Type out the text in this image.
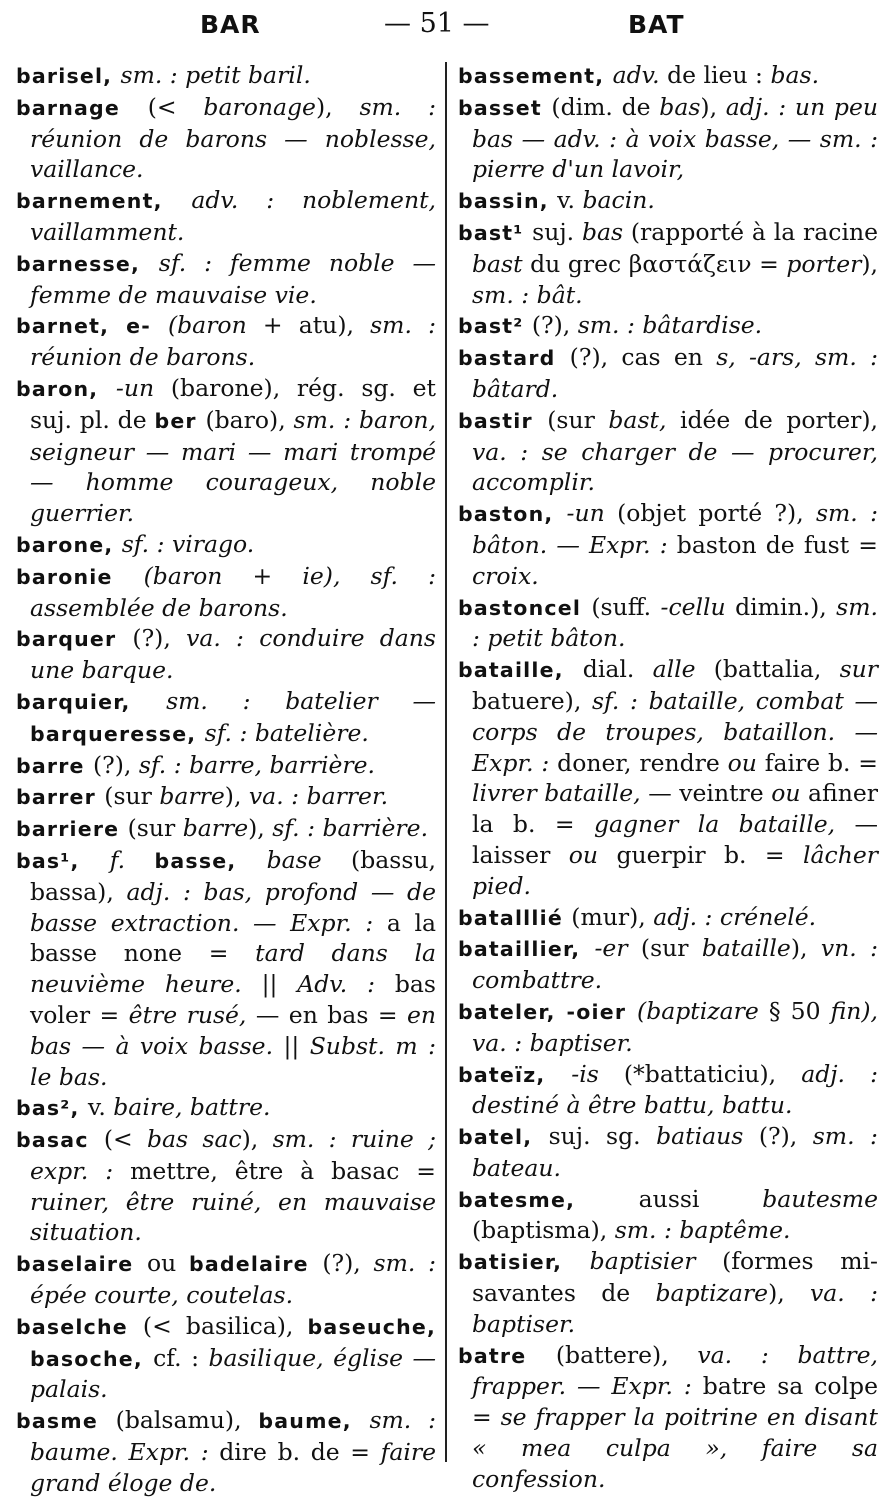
BAR	— 51 —	BAT

barisel, sm. : petit baril.

barnage (< baronage), sm. : réunion de barons — noblesse, vaillance.

barnement, adv. : noblement, vaillamment.

barnesse, sf. : femme noble — femme de mauvaise vie.

barnet, e- (baron + atu), sm. : réunion de barons.

baron, -un (barone), rég. sg. et suj. pl. de ber (baro), sm. : baron, seigneur — mari — mari trompé — homme courageux, noble guerrier.

barone, sf. : virago.

baronie (baron + ie), sf. : assemblée de barons.

barquer (?), va. : conduire dans une barque.

barquier, sm. : batelier — barqueresse, sf. : batelière.

barre (?), sf. : barre, barrière.

barrer (sur barre), va. : barrer.

barriere (sur barre), sf. : barrière.

bas¹, f. basse, base (bassu, bassa), adj. : bas, profond — de basse extraction. — Expr. : a la basse none = tard dans la neuvième heure. || Adv. : bas voler = être rusé, — en bas = en bas — à voix basse. || Subst. m : le bas.

bas², v. baire, battre.

basac (< bas sac), sm. : ruine ; expr. : mettre, être à basac = ruiner, être ruiné, en mauvaise situation.

baselaire ou badelaire (?), sm. : épée courte, coutelas.

baselche (< basilica), baseuche, basoche, cf. : basilique, église — palais.

basme (balsamu), baume, sm. : baume. Expr. : dire b. de = faire grand éloge de.

bassement, adv. de lieu : bas.

basset (dim. de bas), adj. : un peu bas — adv. : à voix basse, — sm. : pierre d'un lavoir,

bassin, v. bacin.

bast¹ suj. bas (rapporté à la racine bast du grec βαστάζειν = porter), sm. : bât.

bast² (?), sm. : bâtardise.

bastard (?), cas en s, -ars, sm. : bâtard.

bastir (sur bast, idée de porter), va. : se charger de — procurer, accomplir.

baston, -un (objet porté ?), sm. : bâton. — Expr. : baston de fust = croix.

bastoncel (suff. -cellu dimin.), sm. : petit bâton.

bataille, dial. alle (battalia, sur batuere), sf. : bataille, combat — corps de troupes, bataillon. — Expr. : doner, rendre ou faire b. = livrer bataille, — veintre ou afiner la b. = gagner la bataille, — laisser ou guerpir b. = lâcher pied.

batalllié (mur), adj. : crénelé.

bataillier, -er (sur bataille), vn. : combattre.

bateler, -oier (baptizare § 50 fin), va. : baptiser.

bateïz, -is (*battaticiu), adj. : destiné à être battu, battu.

batel, suj. sg. batiaus (?), sm. : bateau.

batesme, aussi bautesme (baptisma), sm. : baptême.

batisier, baptisier (formes mi-savantes de baptizare), va. : baptiser.

batre (battere), va. : battre, frapper. — Expr. : batre sa colpe = se frapper la poitrine en disant « mea culpa », faire sa confession.
